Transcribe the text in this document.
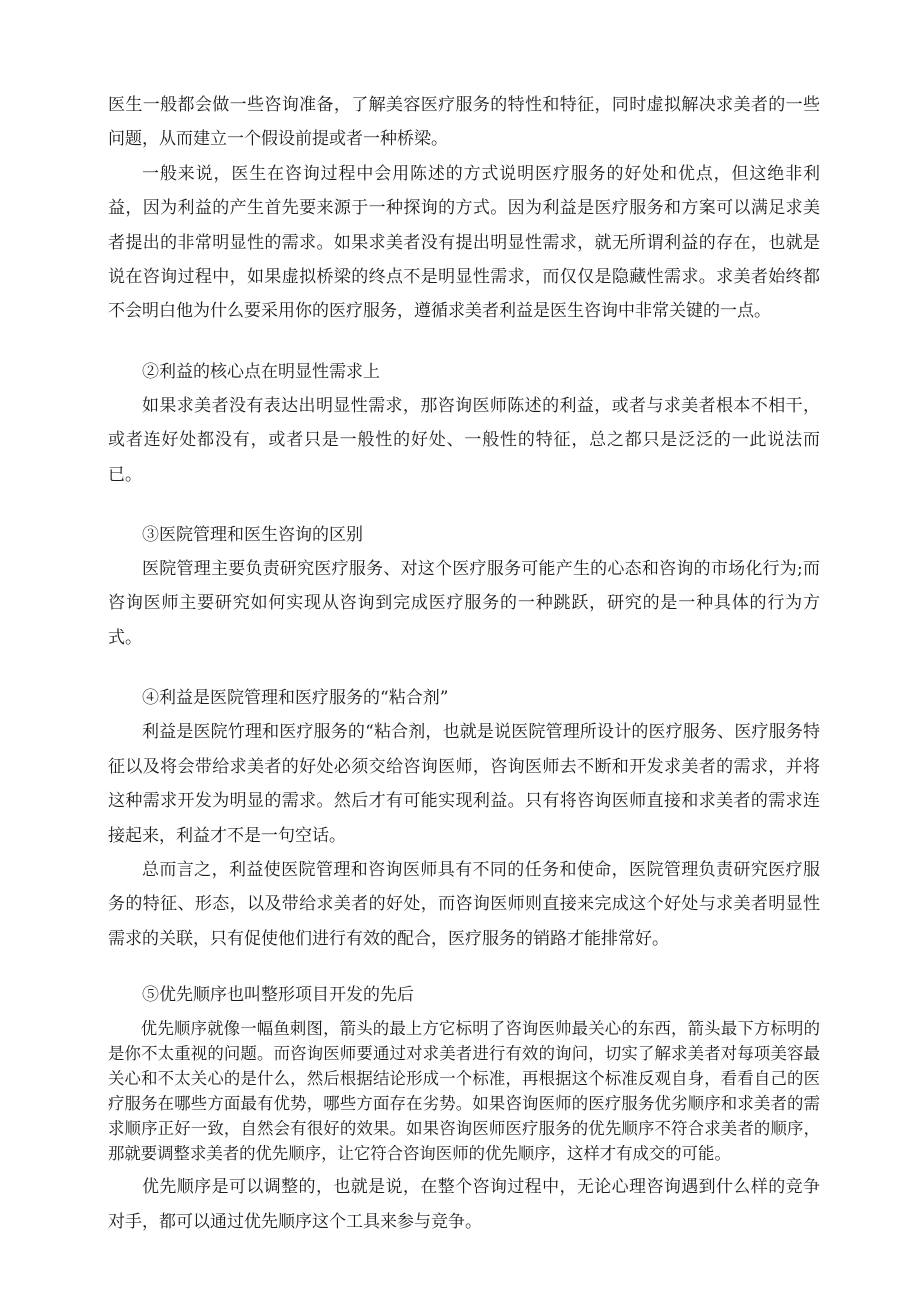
医生一般都会做一些咨询准备，了解美容医疗服务的特性和特征，同时虚拟解决求美者的一些问题，从而建立一个假设前提或者一种桥梁。

一般来说，医生在咨询过程中会用陈述的方式说明医疗服务的好处和优点，但这绝非利益，因为利益的产生首先要来源于一种探询的方式。因为利益是医疗服务和方案可以满足求美者提出的非常明显性的需求。如果求美者没有提出明显性需求，就无所谓利益的存在，也就是说在咨询过程中，如果虚拟桥梁的终点不是明显性需求，而仅仅是隐藏性需求。求美者始终都不会明白他为什么要采用你的医疗服务，遵循求美者利益是医生咨询中非常关键的一点。

②利益的核心点在明显性需求上

如果求美者没有表达出明显性需求，那咨询医师陈述的利益，或者与求美者根本不相干，或者连好处都没有，或者只是一般性的好处、一般性的特征，总之都只是泛泛的一此说法而已。

③医院管理和医生咨询的区别

医院管理主要负责研究医疗服务、对这个医疗服务可能产生的心态和咨询的市场化行为;而咨询医师主要研究如何实现从咨询到完成医疗服务的一种跳跃，研究的是一种具体的行为方式。

④利益是医院管理和医疗服务的“粘合剂”

利益是医院竹理和医疗服务的“粘合剂，也就是说医院管理所设计的医疗服务、医疗服务特征以及将会带给求美者的好处必须交给咨询医师，咨询医师去不断和开发求美者的需求，并将这种需求开发为明显的需求。然后才有可能实现利益。只有将咨询医师直接和求美者的需求连接起来，利益才不是一句空话。

总而言之，利益使医院管理和咨询医师具有不同的任务和使命，医院管理负责研究医疗服务的特征、形态，以及带给求美者的好处，而咨询医师则直接来完成这个好处与求美者明显性需求的关联，只有促使他们进行有效的配合，医疗服务的销路才能排常好。

⑤优先顺序也叫整形项目开发的先后

优先顺序就像一幅鱼刺图，箭头的最上方它标明了咨询医帅最关心的东西，箭头最下方标明的是你不太重视的问题。而咨询医师要通过对求美者进行有效的询问，切实了解求美者对每项美容最关心和不太关心的是什么，然后根据结论形成一个标准，再根据这个标准反观自身，看看自己的医疗服务在哪些方面最有优势，哪些方面存在劣势。如果咨询医师的医疗服务优劣顺序和求美者的需求顺序正好一致，自然会有很好的效果。如果咨询医师医疗服务的优先顺序不符合求美者的顺序，那就要调整求美者的优先顺序，让它符合咨询医师的优先顺序，这样才有成交的可能。

优先顺序是可以调整的，也就是说，在整个咨询过程中，无论心理咨询遇到什么样的竞争对手，都可以通过优先顺序这个工具来参与竞争。
